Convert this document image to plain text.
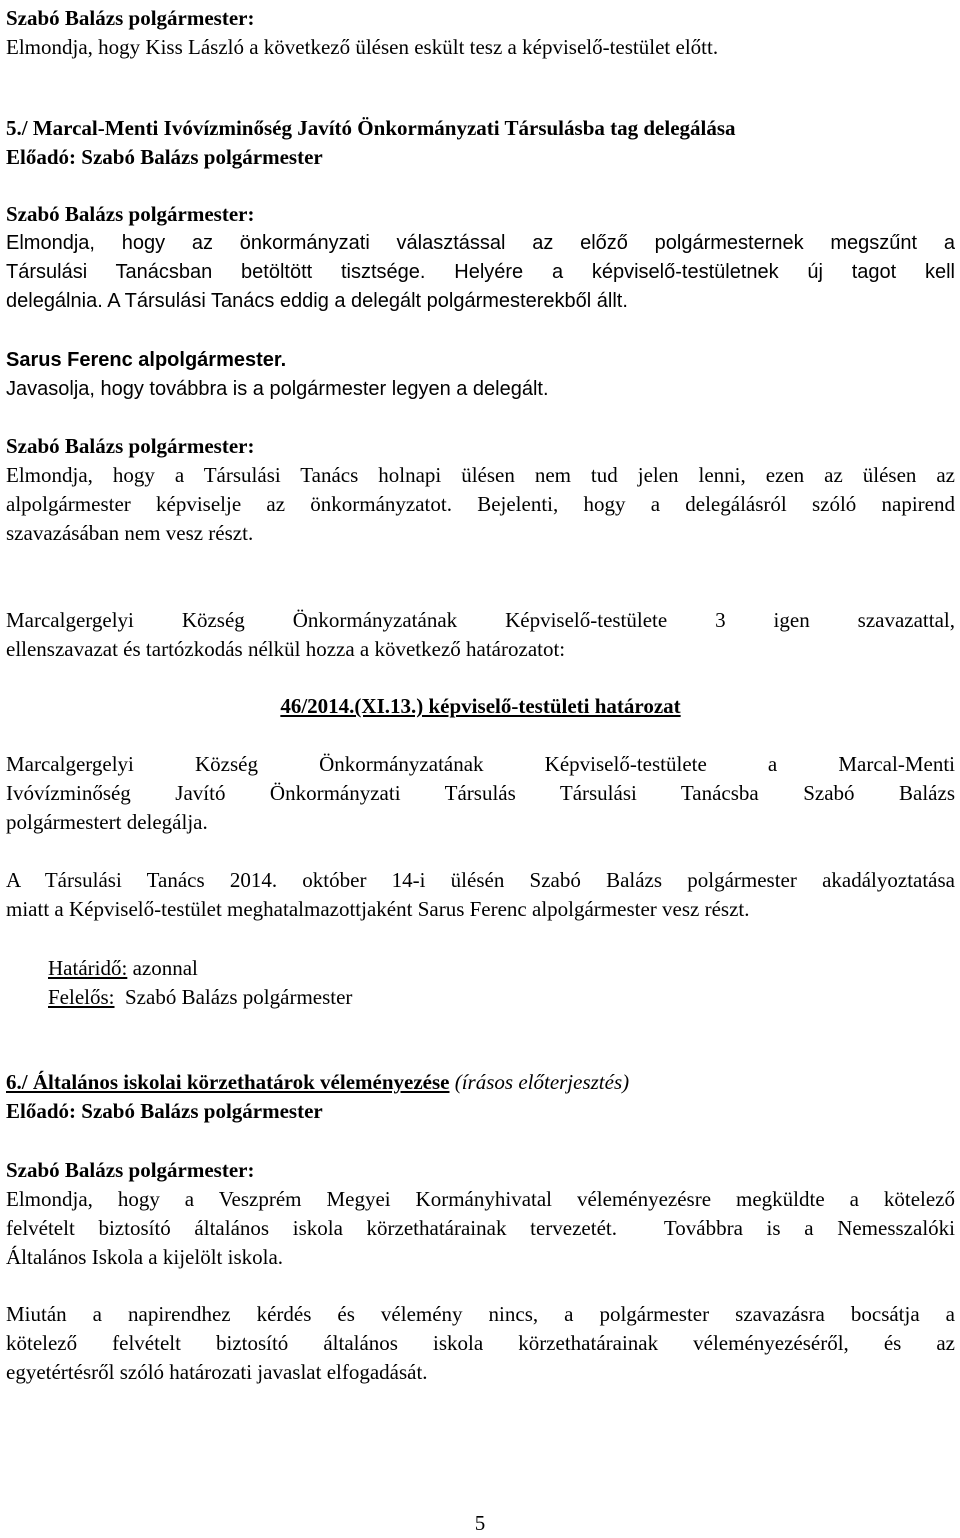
Szabó Balázs polgármester:
Elmondja, hogy Kiss László a következő ülésen eskült tesz a képviselő-testület előtt.
5./ Marcal-Menti Ivóvízminőség Javító Önkormányzati Társulásba tag delegálása
Előadó: Szabó Balázs polgármester
Szabó Balázs polgármester:
Elmondja, hogy az önkormányzati választással az előző polgármesternek megszűnt a
Társulási Tanácsban betöltött tisztsége. Helyére a képviselő-testületnek új tagot kell
delegálnia. A Társulási Tanács eddig a delegált polgármesterekből állt.
Sarus Ferenc alpolgármester.
Javasolja, hogy továbbra is a polgármester legyen a delegált.
Szabó Balázs polgármester:
Elmondja, hogy a Társulási Tanács holnapi ülésen nem tud jelen lenni, ezen az ülésen az
alpolgármester képviselje az önkormányzatot. Bejelenti, hogy a delegálásról szóló napirend
szavazásában nem vesz részt.
Marcalgergelyi Község Önkormányzatának Képviselő-testülete 3 igen szavazattal,
ellenszavazat és tartózkodás nélkül hozza a következő határozatot:
46/2014.(XI.13.) képviselő-testületi határozat
Marcalgergelyi Község Önkormányzatának Képviselő-testülete a Marcal-Menti
Ivóvízminőség Javító Önkormányzati Társulás Társulási Tanácsba Szabó Balázs
polgármestert delegálja.
A Társulási Tanács 2014. október 14-i ülésén Szabó Balázs polgármester akadályoztatása
miatt a Képviselő-testület meghatalmazottjaként Sarus Ferenc alpolgármester vesz részt.
Határidő: azonnal
Felelős:  Szabó Balázs polgármester
6./ Általános iskolai körzethatárok véleményezése (írásos előterjesztés)
Előadó: Szabó Balázs polgármester
Szabó Balázs polgármester:
Elmondja, hogy a Veszprém Megyei Kormányhivatal véleményezésre megküldte a kötelező
felvételt biztosító általános iskola körzethatárainak tervezetét.  Továbbra is a Nemesszalóki
Általános Iskola a kijelölt iskola.
Miután a napirendhez kérdés és vélemény nincs, a polgármester szavazásra bocsátja a
kötelező felvételt biztosító általános iskola körzethatárainak véleményezéséről, és az
egyetértésről szóló határozati javaslat elfogadását.
5
